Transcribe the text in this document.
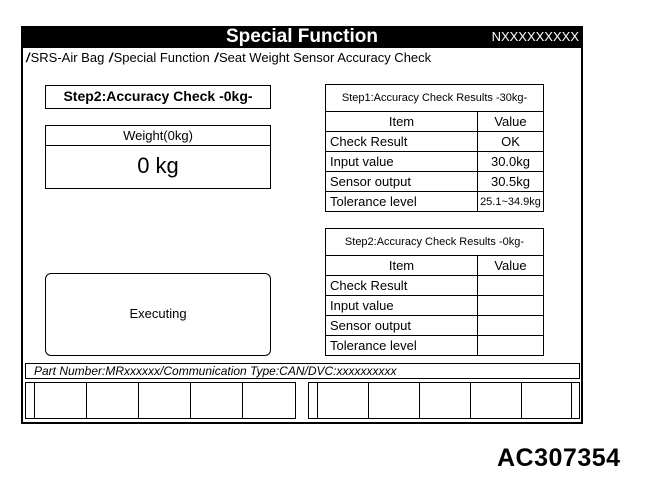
Special Function	NXXXXXXXXX
/SRS-Air Bag /Special Function /Seat Weight Sensor Accuracy Check
Step2:Accuracy Check -0kg-
Weight(0kg)
0 kg
Executing
Step1:Accuracy Check Results -30kg-	
Item	Value
Check Result	OK
Input value	30.0kg
Sensor output	30.5kg
Tolerance level	25.1~34.9kg
Step2:Accuracy Check Results -0kg-	
Item	Value
Check Result	
Input value	
Sensor output	
Tolerance level	
Part Number:MRxxxxxx/Communication Type:CAN/DVC:xxxxxxxxxx
AC307354
